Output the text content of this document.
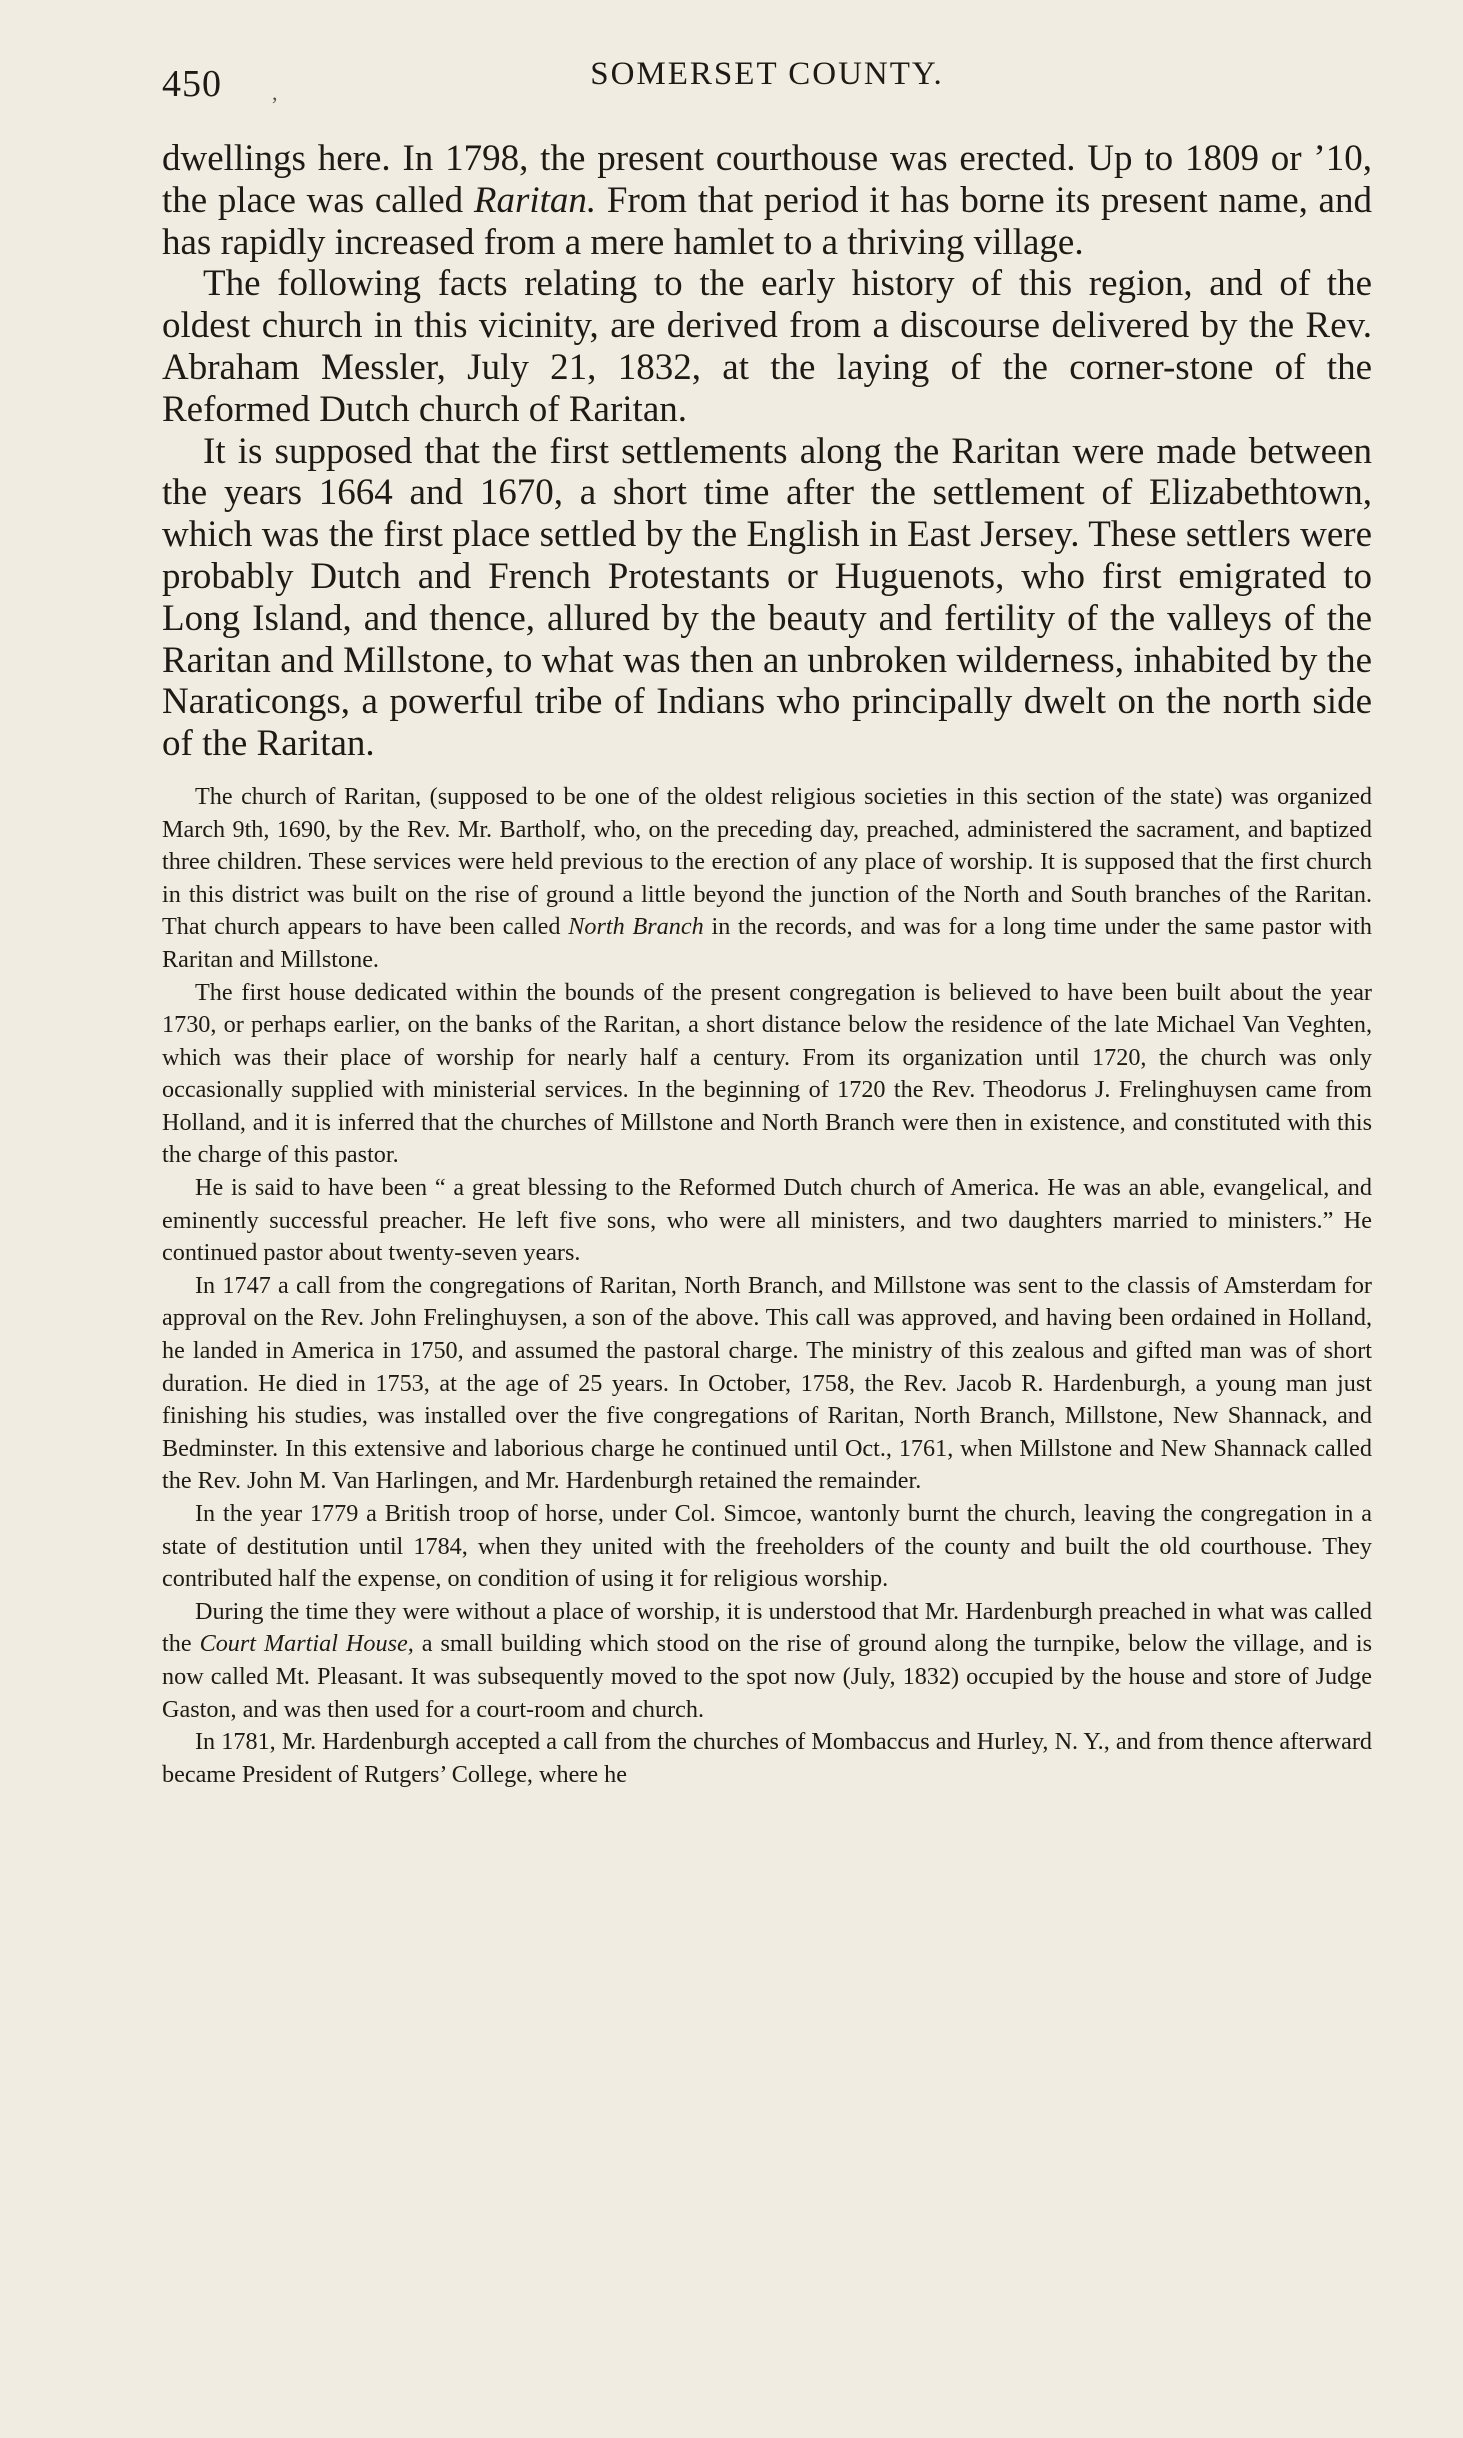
450 ,
SOMERSET COUNTY.

dwellings here. In 1798, the present courthouse was erected. Up to 1809 or ’10, the place was called Raritan. From that period it has borne its present name, and has rapidly increased from a mere hamlet to a thriving village.

The following facts relating to the early history of this region, and of the oldest church in this vicinity, are derived from a discourse delivered by the Rev. Abraham Messler, July 21, 1832, at the laying of the corner-stone of the Reformed Dutch church of Raritan.

It is supposed that the first settlements along the Raritan were made between the years 1664 and 1670, a short time after the settlement of Elizabethtown, which was the first place settled by the English in East Jersey. These settlers were probably Dutch and French Protestants or Huguenots, who first emigrated to Long Island, and thence, allured by the beauty and fertility of the valleys of the Raritan and Millstone, to what was then an unbroken wilderness, inhabited by the Naraticongs, a powerful tribe of Indians who principally dwelt on the north side of the Raritan.

The church of Raritan, (supposed to be one of the oldest religious societies in this section of the state) was organized March 9th, 1690, by the Rev. Mr. Bartholf, who, on the preceding day, preached, administered the sacrament, and baptized three children. These services were held previous to the erection of any place of worship. It is supposed that the first church in this district was built on the rise of ground a little beyond the junction of the North and South branches of the Raritan. That church appears to have been called North Branch in the records, and was for a long time under the same pastor with Raritan and Millstone.

The first house dedicated within the bounds of the present congregation is believed to have been built about the year 1730, or perhaps earlier, on the banks of the Raritan, a short distance below the residence of the late Michael Van Veghten, which was their place of worship for nearly half a century. From its organization until 1720, the church was only occasionally supplied with ministerial services. In the beginning of 1720 the Rev. Theodorus J. Frelinghuysen came from Holland, and it is inferred that the churches of Millstone and North Branch were then in existence, and constituted with this the charge of this pastor.

He is said to have been “ a great blessing to the Reformed Dutch church of America. He was an able, evangelical, and eminently successful preacher. He left five sons, who were all ministers, and two daughters married to ministers.” He continued pastor about twenty-seven years.

In 1747 a call from the congregations of Raritan, North Branch, and Millstone was sent to the classis of Amsterdam for approval on the Rev. John Frelinghuysen, a son of the above. This call was approved, and having been ordained in Holland, he landed in America in 1750, and assumed the pastoral charge. The ministry of this zealous and gifted man was of short duration. He died in 1753, at the age of 25 years. In October, 1758, the Rev. Jacob R. Hardenburgh, a young man just finishing his studies, was installed over the five congregations of Raritan, North Branch, Millstone, New Shannack, and Bedminster. In this extensive and laborious charge he continued until Oct., 1761, when Millstone and New Shannack called the Rev. John M. Van Harlingen, and Mr. Hardenburgh retained the remainder.

In the year 1779 a British troop of horse, under Col. Simcoe, wantonly burnt the church, leaving the congregation in a state of destitution until 1784, when they united with the freeholders of the county and built the old courthouse. They contributed half the expense, on condition of using it for religious worship.

During the time they were without a place of worship, it is understood that Mr. Hardenburgh preached in what was called the Court Martial House, a small building which stood on the rise of ground along the turnpike, below the village, and is now called Mt. Pleasant. It was subsequently moved to the spot now (July, 1832) occupied by the house and store of Judge Gaston, and was then used for a court-room and church.

In 1781, Mr. Hardenburgh accepted a call from the churches of Mombaccus and Hurley, N. Y., and from thence afterward became President of Rutgers’ College, where he
